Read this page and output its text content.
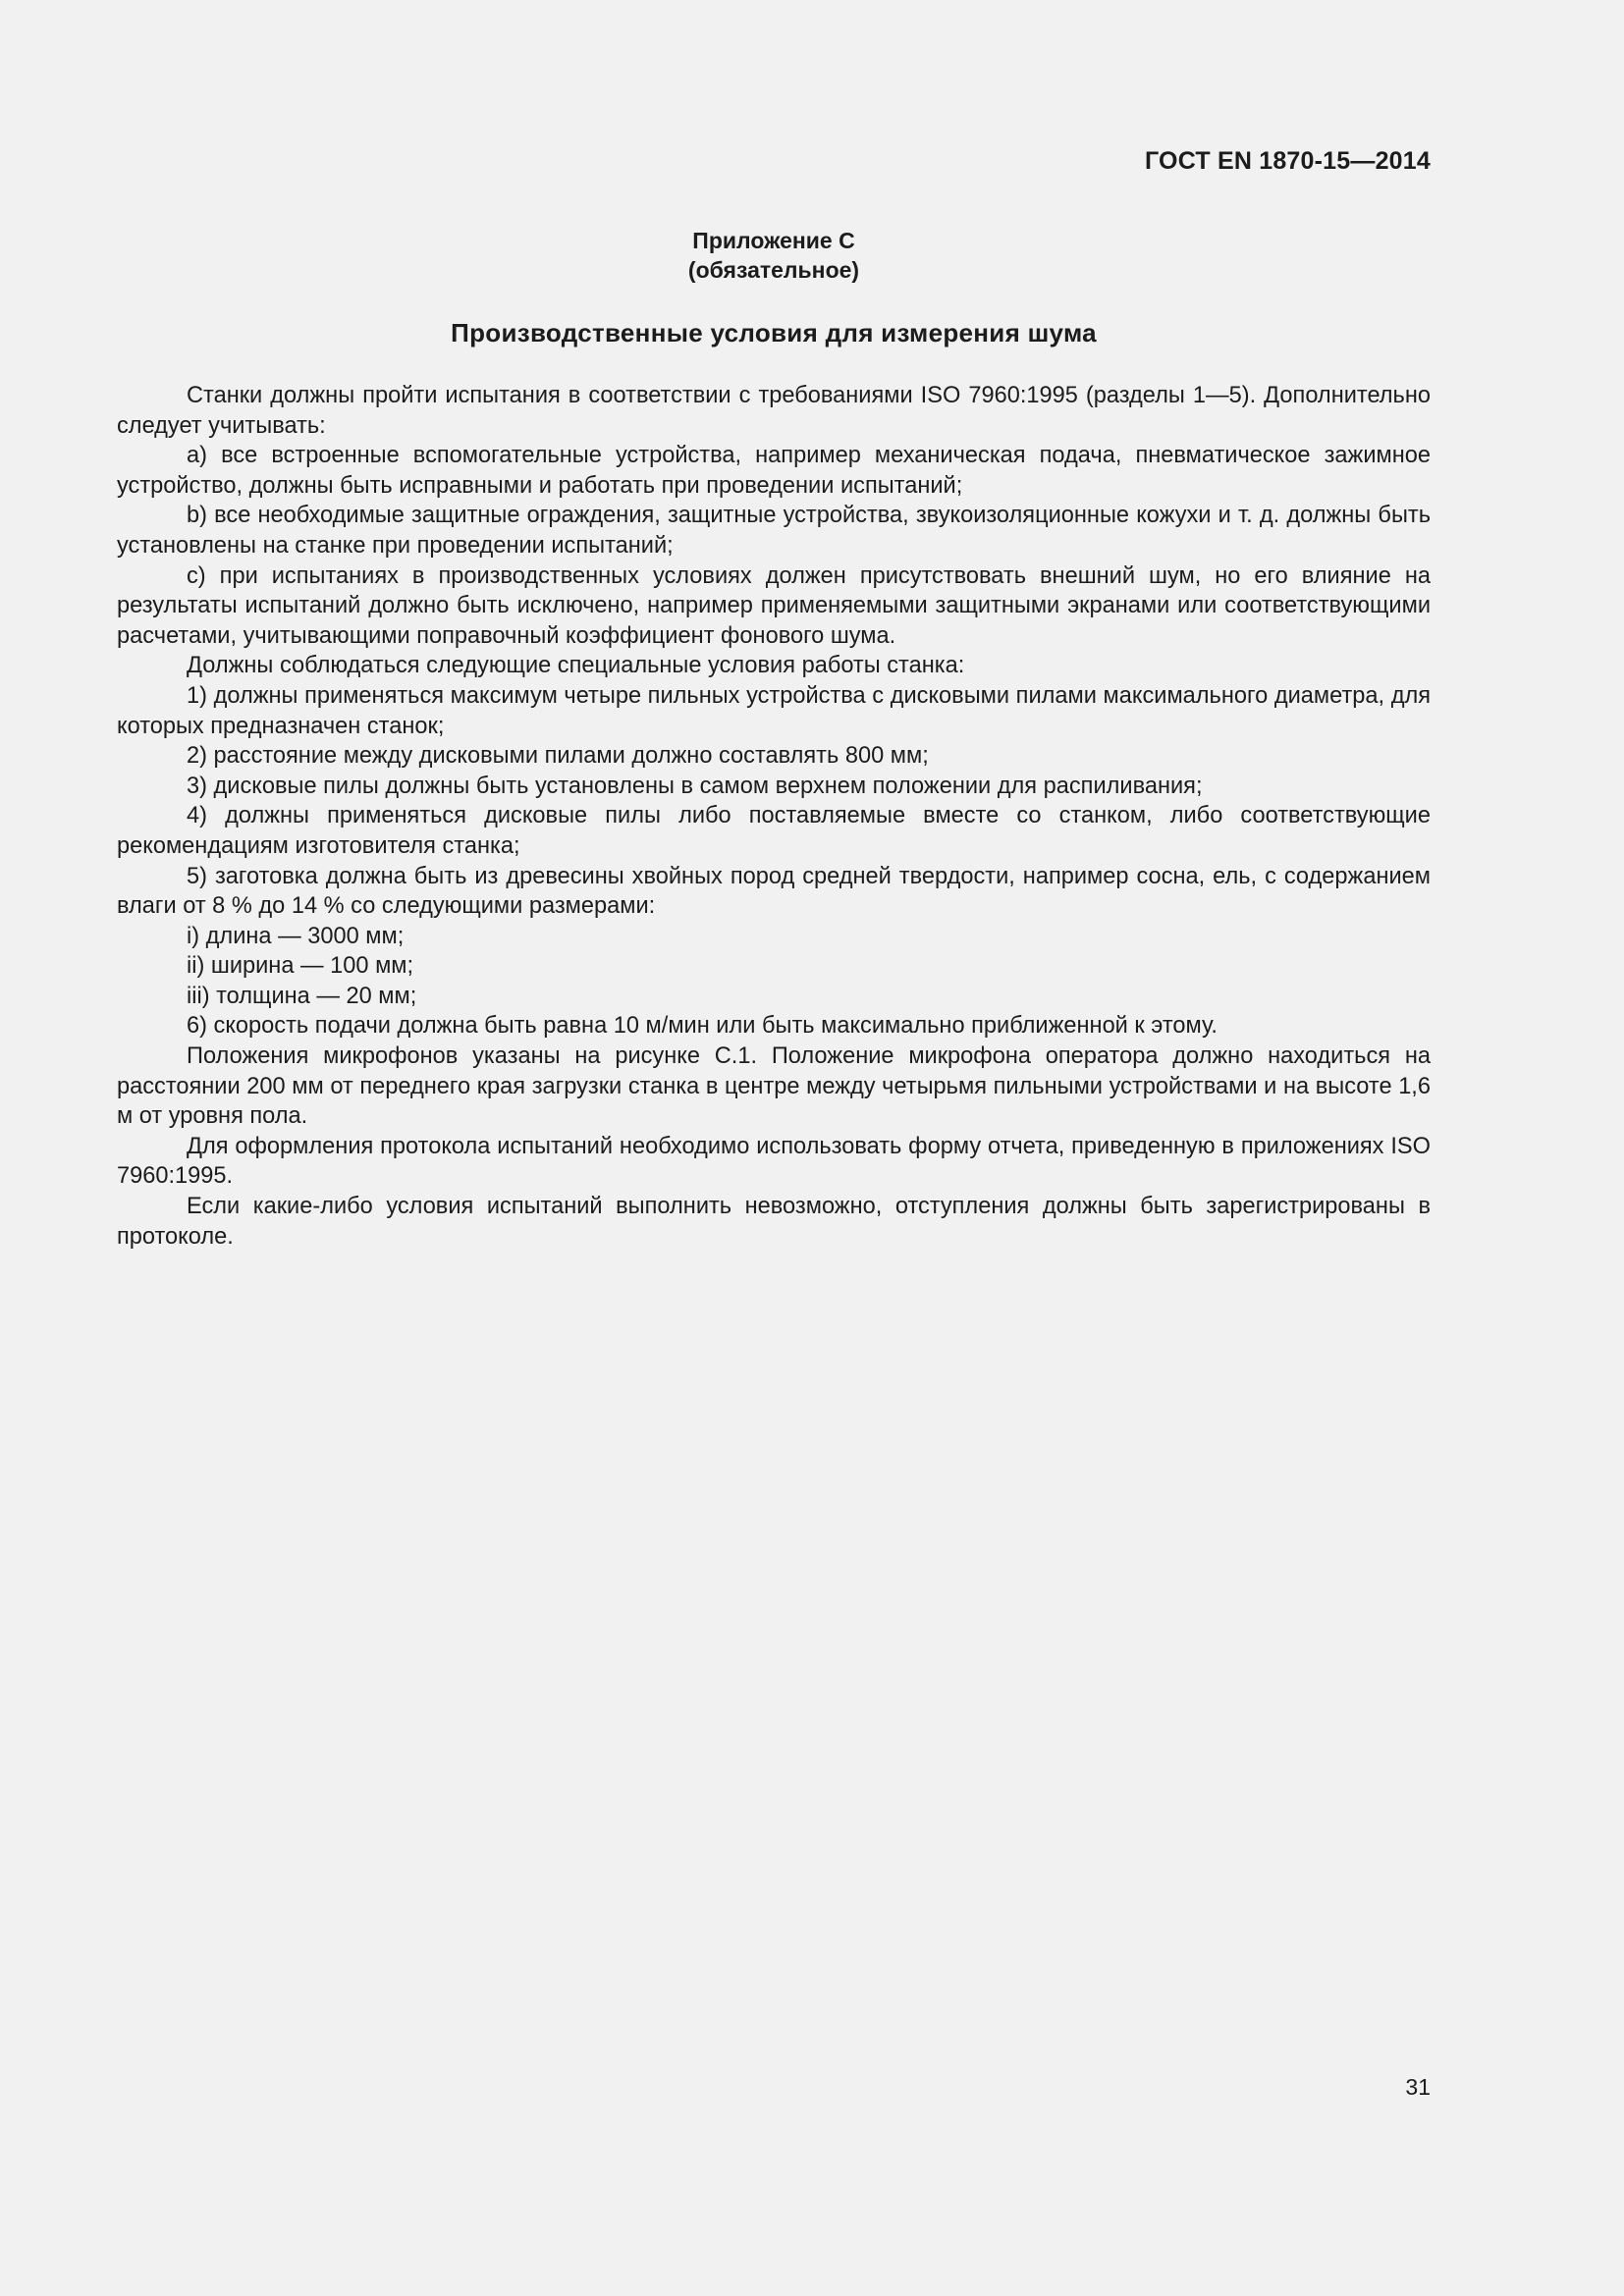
ГОСТ EN 1870-15—2014
Приложение С
(обязательное)
Производственные условия для измерения шума

Станки должны пройти испытания в соответствии с требованиями ISO 7960:1995 (разделы 1—5). Дополнительно следует учитывать:

a) все встроенные вспомогательные устройства, например механическая подача, пневматическое зажимное устройство, должны быть исправными и работать при проведении испытаний;

b) все необходимые защитные ограждения, защитные устройства, звукоизоляционные кожухи и т. д. должны быть установлены на станке при проведении испытаний;

c) при испытаниях в производственных условиях должен присутствовать внешний шум, но его влияние на результаты испытаний должно быть исключено, например применяемыми защитными экранами или соответствующими расчетами, учитывающими поправочный коэффициент фонового шума.

Должны соблюдаться следующие специальные условия работы станка:

1) должны применяться максимум четыре пильных устройства с дисковыми пилами максимального диаметра, для которых предназначен станок;

2) расстояние между дисковыми пилами должно составлять 800 мм;

3) дисковые пилы должны быть установлены в самом верхнем положении для распиливания;

4) должны применяться дисковые пилы либо поставляемые вместе со станком, либо соответствующие рекомендациям изготовителя станка;

5) заготовка должна быть из древесины хвойных пород средней твердости, например сосна, ель, с содержанием влаги от 8 % до 14 % со следующими размерами:

i) длина — 3000 мм;

ii) ширина — 100 мм;

iii) толщина — 20 мм;

6) скорость подачи должна быть равна 10 м/мин или быть максимально приближенной к этому.

Положения микрофонов указаны на рисунке С.1. Положение микрофона оператора должно находиться на расстоянии 200 мм от переднего края загрузки станка в центре между четырьмя пильными устройствами и на высоте 1,6 м от уровня пола.

Для оформления протокола испытаний необходимо использовать форму отчета, приведенную в приложениях ISO 7960:1995.

Если какие-либо условия испытаний выполнить невозможно, отступления должны быть зарегистрированы в протоколе.

31
